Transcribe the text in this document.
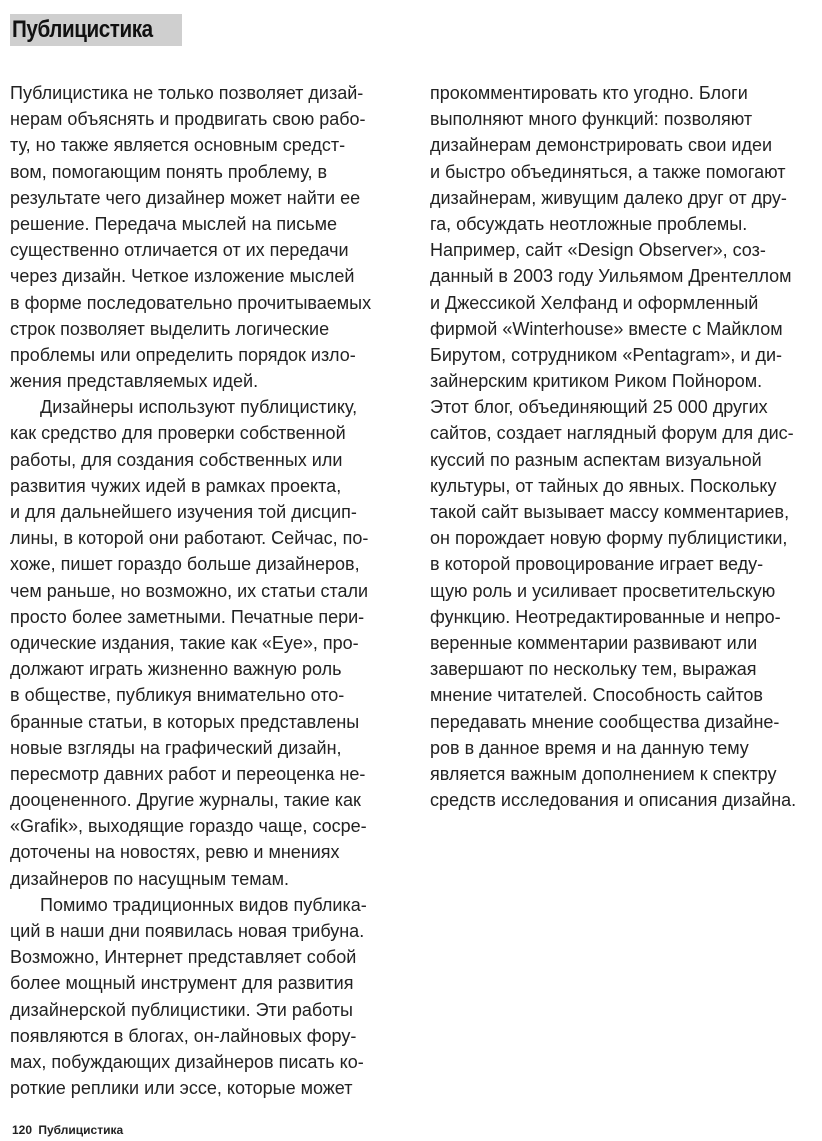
Публицистика
Публицистика не только позволяет дизай-
нерам объяснять и продвигать свою рабо-
ту, но также является основным средст-
вом, помогающим понять проблему, в
результате чего дизайнер может найти ее
решение. Передача мыслей на письме
существенно отличается от их передачи
через дизайн. Четкое изложение мыслей
в форме последовательно прочитываемых
строк позволяет выделить логические
проблемы или определить порядок изло-
жения представляемых идей.
Дизайнеры используют публицистику,
как средство для проверки собственной
работы, для создания собственных или
развития чужих идей в рамках проекта,
и для дальнейшего изучения той дисцип-
лины, в которой они работают. Сейчас, по-
хоже, пишет гораздо больше дизайнеров,
чем раньше, но возможно, их статьи стали
просто более заметными. Печатные пери-
одические издания, такие как «Eye», про-
должают играть жизненно важную роль
в обществе, публикуя внимательно ото-
бранные статьи, в которых представлены
новые взгляды на графический дизайн,
пересмотр давних работ и переоценка не-
дооцененного. Другие журналы, такие как
«Grafik», выходящие гораздо чаще, сосре-
доточены на новостях, ревю и мнениях
дизайнеров по насущным темам.
Помимо традиционных видов публика-
ций в наши дни появилась новая трибуна.
Возможно, Интернет представляет собой
более мощный инструмент для развития
дизайнерской публицистики. Эти работы
появляются в блогах, он-лайновых фору-
мах, побуждающих дизайнеров писать ко-
роткие реплики или эссе, которые может
прокомментировать кто угодно. Блоги
выполняют много функций: позволяют
дизайнерам демонстрировать свои идеи
и быстро объединяться, а также помогают
дизайнерам, живущим далеко друг от дру-
га, обсуждать неотложные проблемы.
Например, сайт «Design Observer», соз-
данный в 2003 году Уильямом Дрентеллом
и Джессикой Хелфанд и оформленный
фирмой «Winterhouse» вместе с Майклом
Бирутом, сотрудником «Pentagram», и ди-
зайнерским критиком Риком Пойнором.
Этот блог, объединяющий 25 000 других
сайтов, создает наглядный форум для дис-
куссий по разным аспектам визуальной
культуры, от тайных до явных. Поскольку
такой сайт вызывает массу комментариев,
он порождает новую форму публицистики,
в которой провоцирование играет веду-
щую роль и усиливает просветительскую
функцию. Неотредактированные и непро-
веренные комментарии развивают или
завершают по нескольку тем, выражая
мнение читателей. Способность сайтов
передавать мнение сообщества дизайне-
ров в данное время и на данную тему
является важным дополнением к спектру
средств исследования и описания дизайна.
120 Публицистика
